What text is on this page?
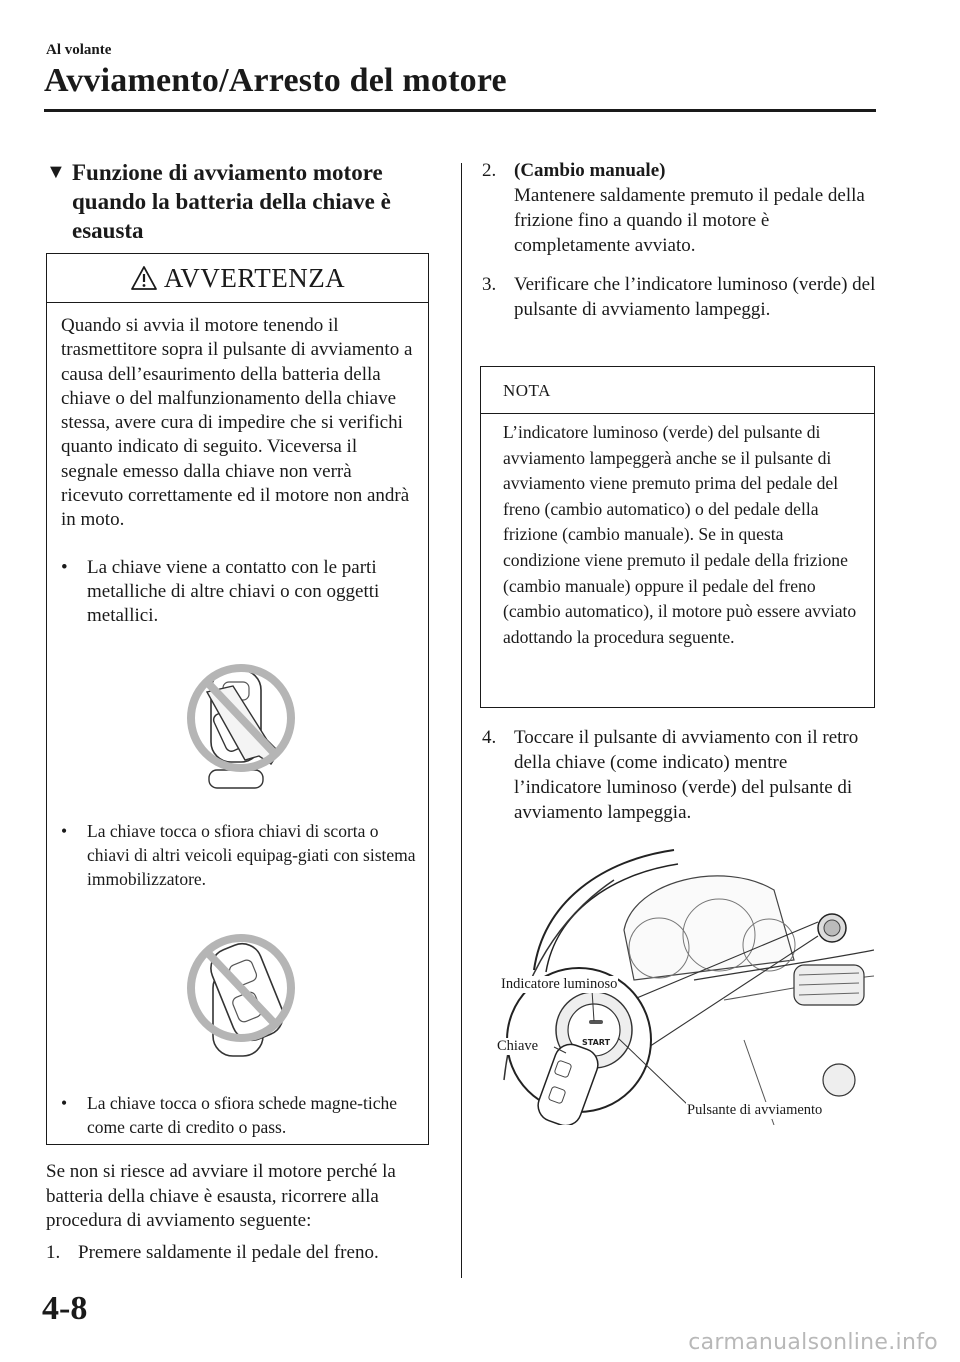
Al volante
Avviamento/Arresto del motore
▼ Funzione di avviamento motore quando la batteria della chiave è esausta
AVVERTENZA
Quando si avvia il motore tenendo il trasmettitore sopra il pulsante di avviamento a causa dell’esaurimento della batteria della chiave o del malfunzionamento della chiave stessa, avere cura di impedire che si verifichi quanto indicato di seguito. Viceversa il segnale emesso dalla chiave non verrà ricevuto correttamente ed il motore non andrà in moto.
•	La chiave viene a contatto con le parti metalliche di altre chiavi o con oggetti metallici.
•	La chiave tocca o sfiora chiavi di scorta o chiavi di altri veicoli equipag-giati con sistema immobilizzatore.
•	La chiave tocca o sfiora schede magne-tiche come carte di credito o pass.
Se non si riesce ad avviare il motore perché la batteria della chiave è esausta, ricorrere alla procedura di avviamento seguente:
1. Premere saldamente il pedale del freno.
2. (Cambio manuale)
Mantenere saldamente premuto il pedale della frizione fino a quando il motore è completamente avviato.
3. Verificare che l’indicatore luminoso (verde) del pulsante di avviamento lampeggi.
NOTA
L’indicatore luminoso (verde) del pulsante di avviamento lampeggerà anche se il pulsante di avviamento viene premuto prima del pedale del freno (cambio automatico) o del pedale della frizione (cambio manuale). Se in questa condizione viene premuto il pedale della frizione (cambio manuale) oppure il pedale del freno (cambio automatico), il motore può essere avviato adottando la procedura seguente.
4. Toccare il pulsante di avviamento con il retro della chiave (come indicato) mentre l’indicatore luminoso (verde) del pulsante di avviamento lampeggia.
START
Indicatore luminoso
Chiave
Pulsante di avviamento
4-8
carmanualsonline.info
